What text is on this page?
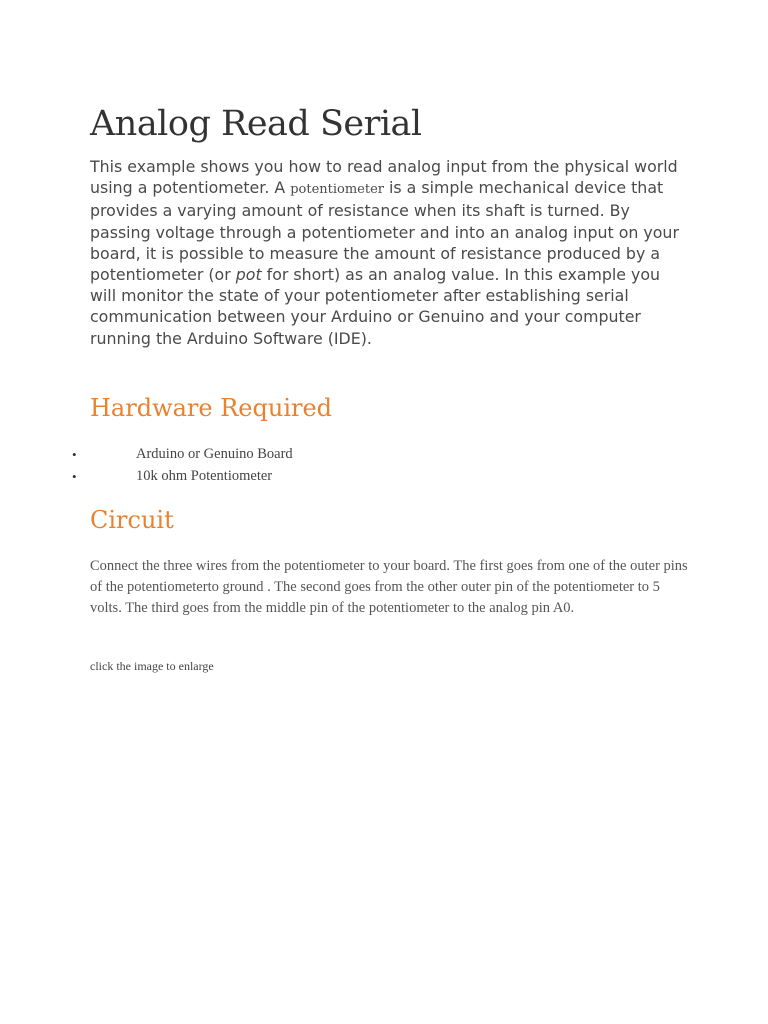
Analog Read Serial

This example shows you how to read analog input from the physical world using a potentiometer. A potentiometer is a simple mechanical device that provides a varying amount of resistance when its shaft is turned. By passing voltage through a potentiometer and into an analog input on your board, it is possible to measure the amount of resistance produced by a potentiometer (or pot for short) as an analog value. In this example you will monitor the state of your potentiometer after establishing serial communication between your Arduino or Genuino and your computer running the Arduino Software (IDE).

Hardware Required
•	Arduino or Genuino Board
•	10k ohm Potentiometer
Circuit

Connect the three wires from the potentiometer to your board. The first goes from one of the outer pins of the potentiometerto ground . The second goes from the other outer pin of the potentiometer to 5 volts. The third goes from the middle pin of the potentiometer to the analog pin A0.

click the image to enlarge
